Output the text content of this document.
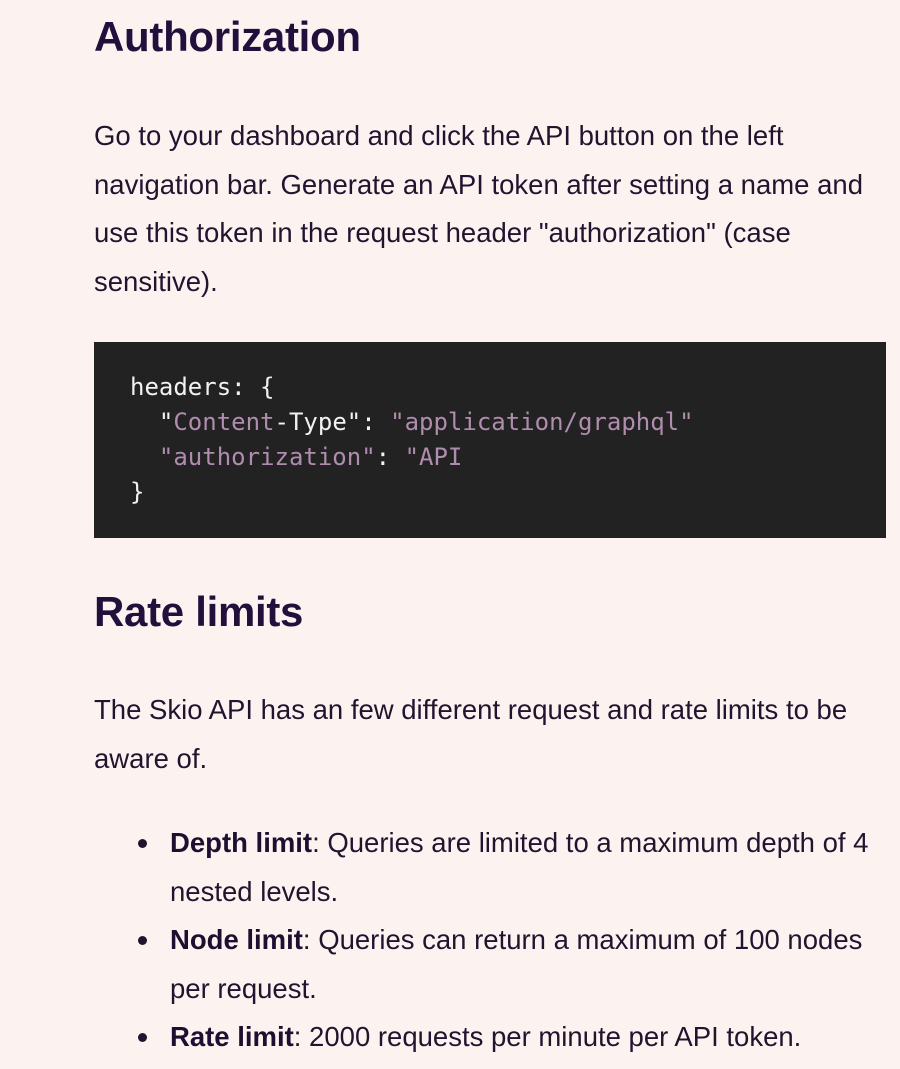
Authorization

Go to your dashboard and click the API button on the left navigation bar. Generate an API token after setting a name and use this token in the request header "authorization" (case sensitive).

headers: {
"Content-Type": "application/graphql"
"authorization": "API
}
Rate limits

The Skio API has an few different request and rate limits to be aware of.

Depth limit: Queries are limited to a maximum depth of 4 nested levels.
Node limit: Queries can return a maximum of 100 nodes per request.
Rate limit: 2000 requests per minute per API token.
